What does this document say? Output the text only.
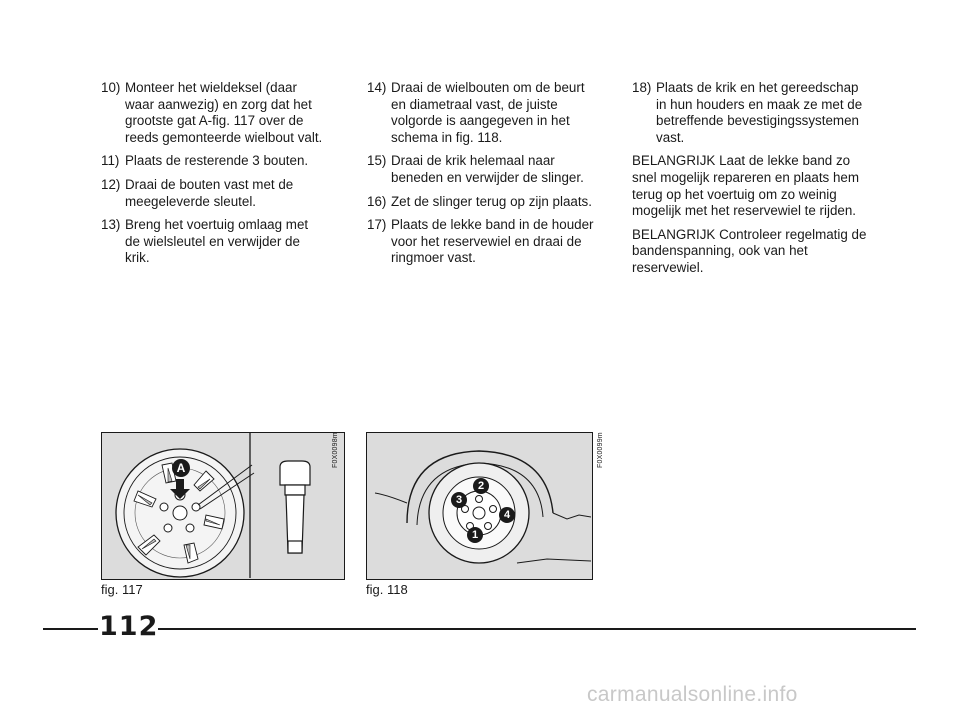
10) Monteer het wieldeksel (daar waar aanwezig) en zorg dat het grootste gat A-fig. 117 over de reeds gemonteerde wielbout valt.
11) Plaats de resterende 3 bouten.
12) Draai de bouten vast met de meegeleverde sleutel.
13) Breng het voertuig omlaag met de wielsleutel en verwijder de krik.
14) Draai de wielbouten om de beurt en diametraal vast, de juiste volgorde is aangegeven in het schema in fig. 118.
15) Draai de krik helemaal naar beneden en verwijder de slinger.
16) Zet de slinger terug op zijn plaats.
17) Plaats de lekke band in de houder voor het reservewiel en draai de ringmoer vast.
18) Plaats de krik en het gereedschap in hun houders en maak ze met de betreffende bevestigingssystemen vast.

BELANGRIJK Laat de lekke band zo snel mogelijk repareren en plaats hem terug op het voertuig om zo weinig mogelijk met het reservewiel te rijden.

BELANGRIJK Controleer regelmatig de bandenspanning, ook van het reservewiel.

A	F0X0098m
fig. 117
2
3
4
1
F0X0099m
fig. 118
112
carmanualsonline.info
